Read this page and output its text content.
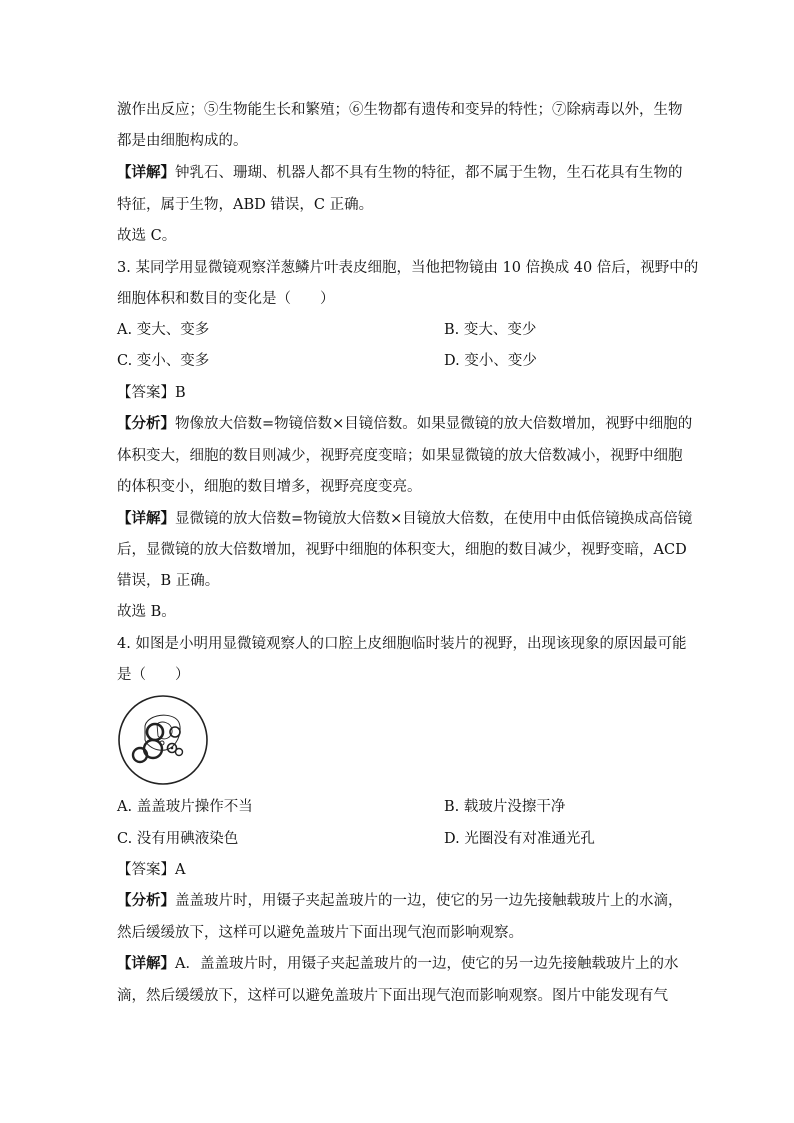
激作出反应；⑤生物能生长和繁殖；⑥生物都有遗传和变异的特性；⑦除病毒以外，生物
都是由细胞构成的。
【详解】钟乳石、珊瑚、机器人都不具有生物的特征，都不属于生物，生石花具有生物的
特征，属于生物，ABD 错误，C 正确。
故选 C。
3. 某同学用显微镜观察洋葱鳞片叶表皮细胞，当他把物镜由 10 倍换成 40 倍后，视野中的
细胞体积和数目的变化是（　　）
A. 变大、变多	B. 变大、变少
C. 变小、变多	D. 变小、变少
【答案】B
【分析】物像放大倍数=物镜倍数×目镜倍数。如果显微镜的放大倍数增加，视野中细胞的
体积变大，细胞的数目则减少，视野亮度变暗；如果显微镜的放大倍数减小，视野中细胞
的体积变小，细胞的数目增多，视野亮度变亮。
【详解】显微镜的放大倍数=物镜放大倍数×目镜放大倍数，在使用中由低倍镜换成高倍镜
后，显微镜的放大倍数增加，视野中细胞的体积变大，细胞的数目减少，视野变暗，ACD
错误，B 正确。
故选 B。
4. 如图是小明用显微镜观察人的口腔上皮细胞临时装片的视野，出现该现象的原因最可能
是（　　）
A. 盖盖玻片操作不当	B. 载玻片没擦干净
C. 没有用碘液染色	D. 光圈没有对准通光孔
【答案】A
【分析】盖盖玻片时，用镊子夹起盖玻片的一边，使它的另一边先接触载玻片上的水滴，
然后缓缓放下，这样可以避免盖玻片下面出现气泡而影响观察。
【详解】A．盖盖玻片时，用镊子夹起盖玻片的一边，使它的另一边先接触载玻片上的水
滴，然后缓缓放下，这样可以避免盖玻片下面出现气泡而影响观察。图片中能发现有气
